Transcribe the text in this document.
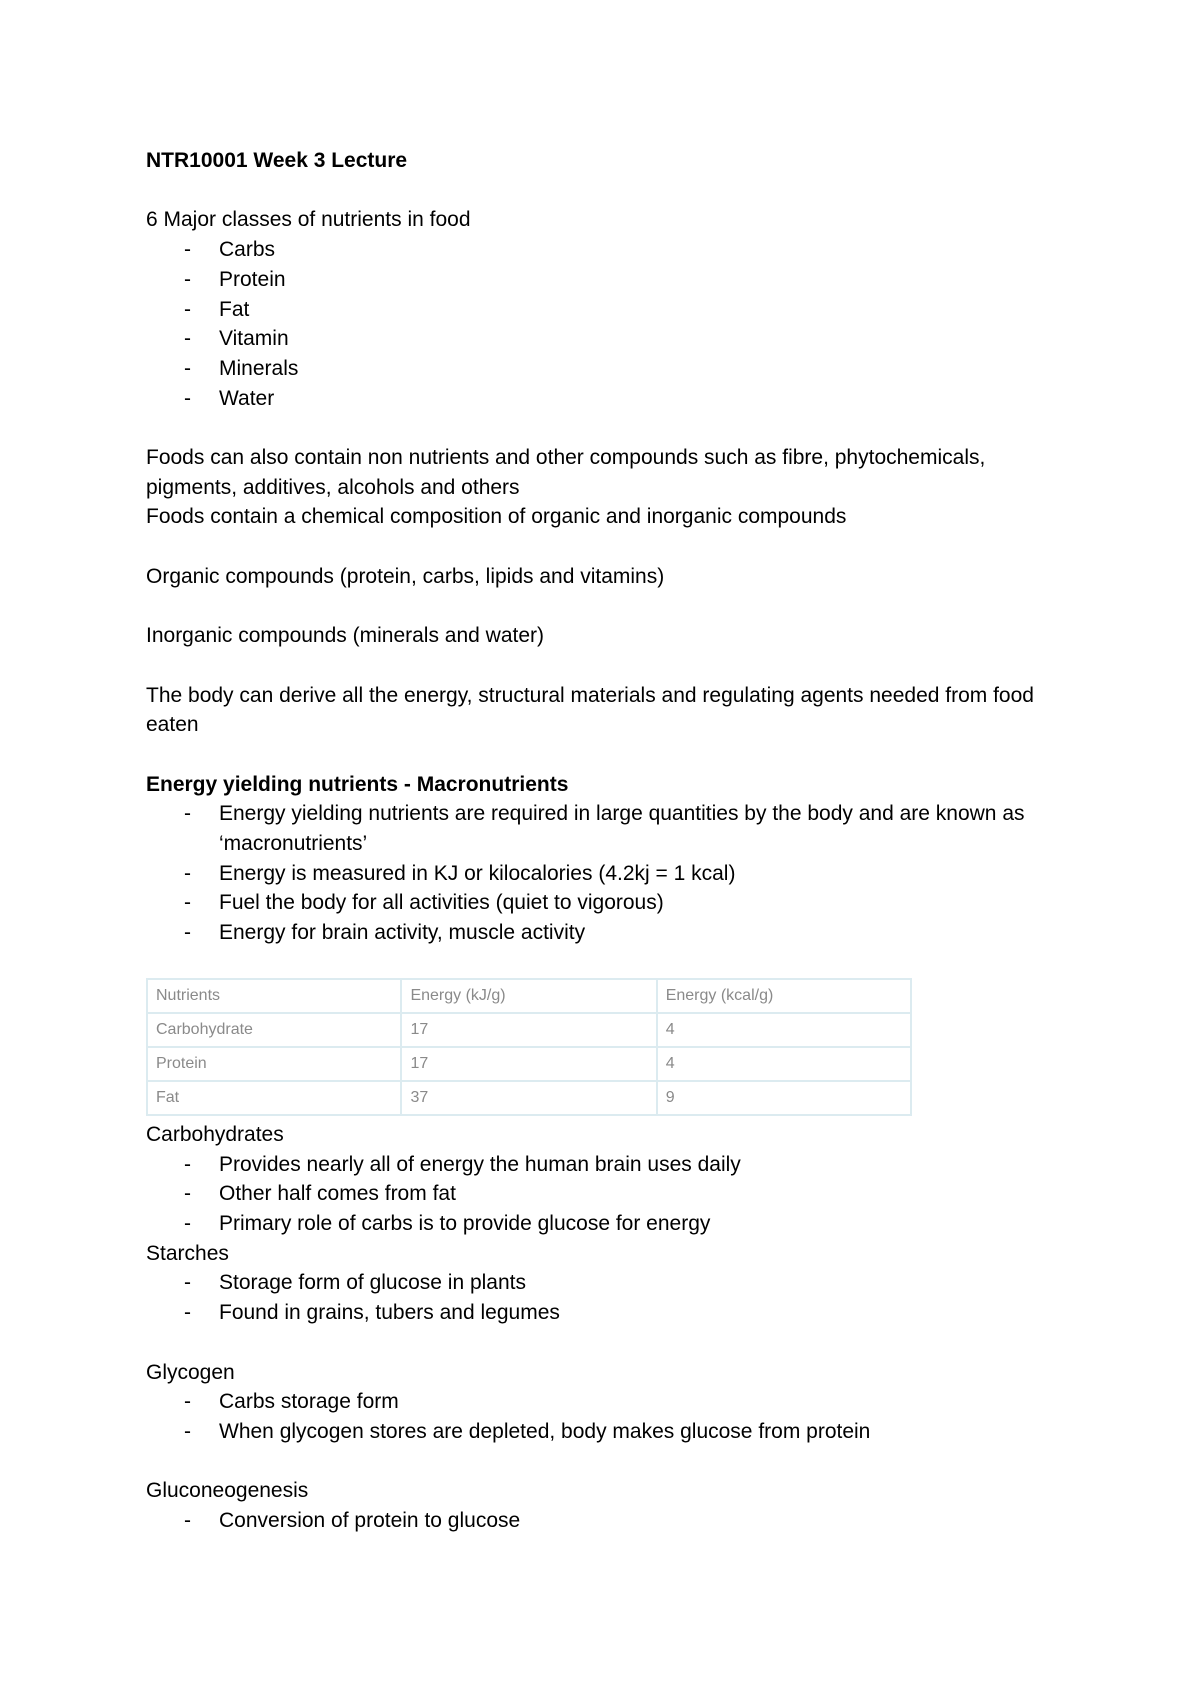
NTR10001 Week 3 Lecture

6 Major classes of nutrients in food

- Carbs
- Protein
- Fat
- Vitamin
- Minerals
- Water

Foods can also contain non nutrients and other compounds such as fibre, phytochemicals, pigments, additives, alcohols and others

Foods contain a chemical composition of organic and inorganic compounds

Organic compounds (protein, carbs, lipids and vitamins)

Inorganic compounds (minerals and water)

The body can derive all the energy, structural materials and regulating agents needed from food eaten

Energy yielding nutrients - Macronutrients

- Energy yielding nutrients are required in large quantities by the body and are known as ‘macronutrients’
- Energy is measured in KJ or kilocalories (4.2kj = 1 kcal)
- Fuel the body for all activities (quiet to vigorous)
- Energy for brain activity, muscle activity
Nutrients	Energy (kJ/g)	Energy (kcal/g)
Carbohydrate	17	4
Protein	17	4
Fat	37	9

Carbohydrates

- Provides nearly all of energy the human brain uses daily
- Other half comes from fat
- Primary role of carbs is to provide glucose for energy

Starches

- Storage form of glucose in plants
- Found in grains, tubers and legumes

Glycogen

- Carbs storage form
- When glycogen stores are depleted, body makes glucose from protein

Gluconeogenesis

- Conversion of protein to glucose
